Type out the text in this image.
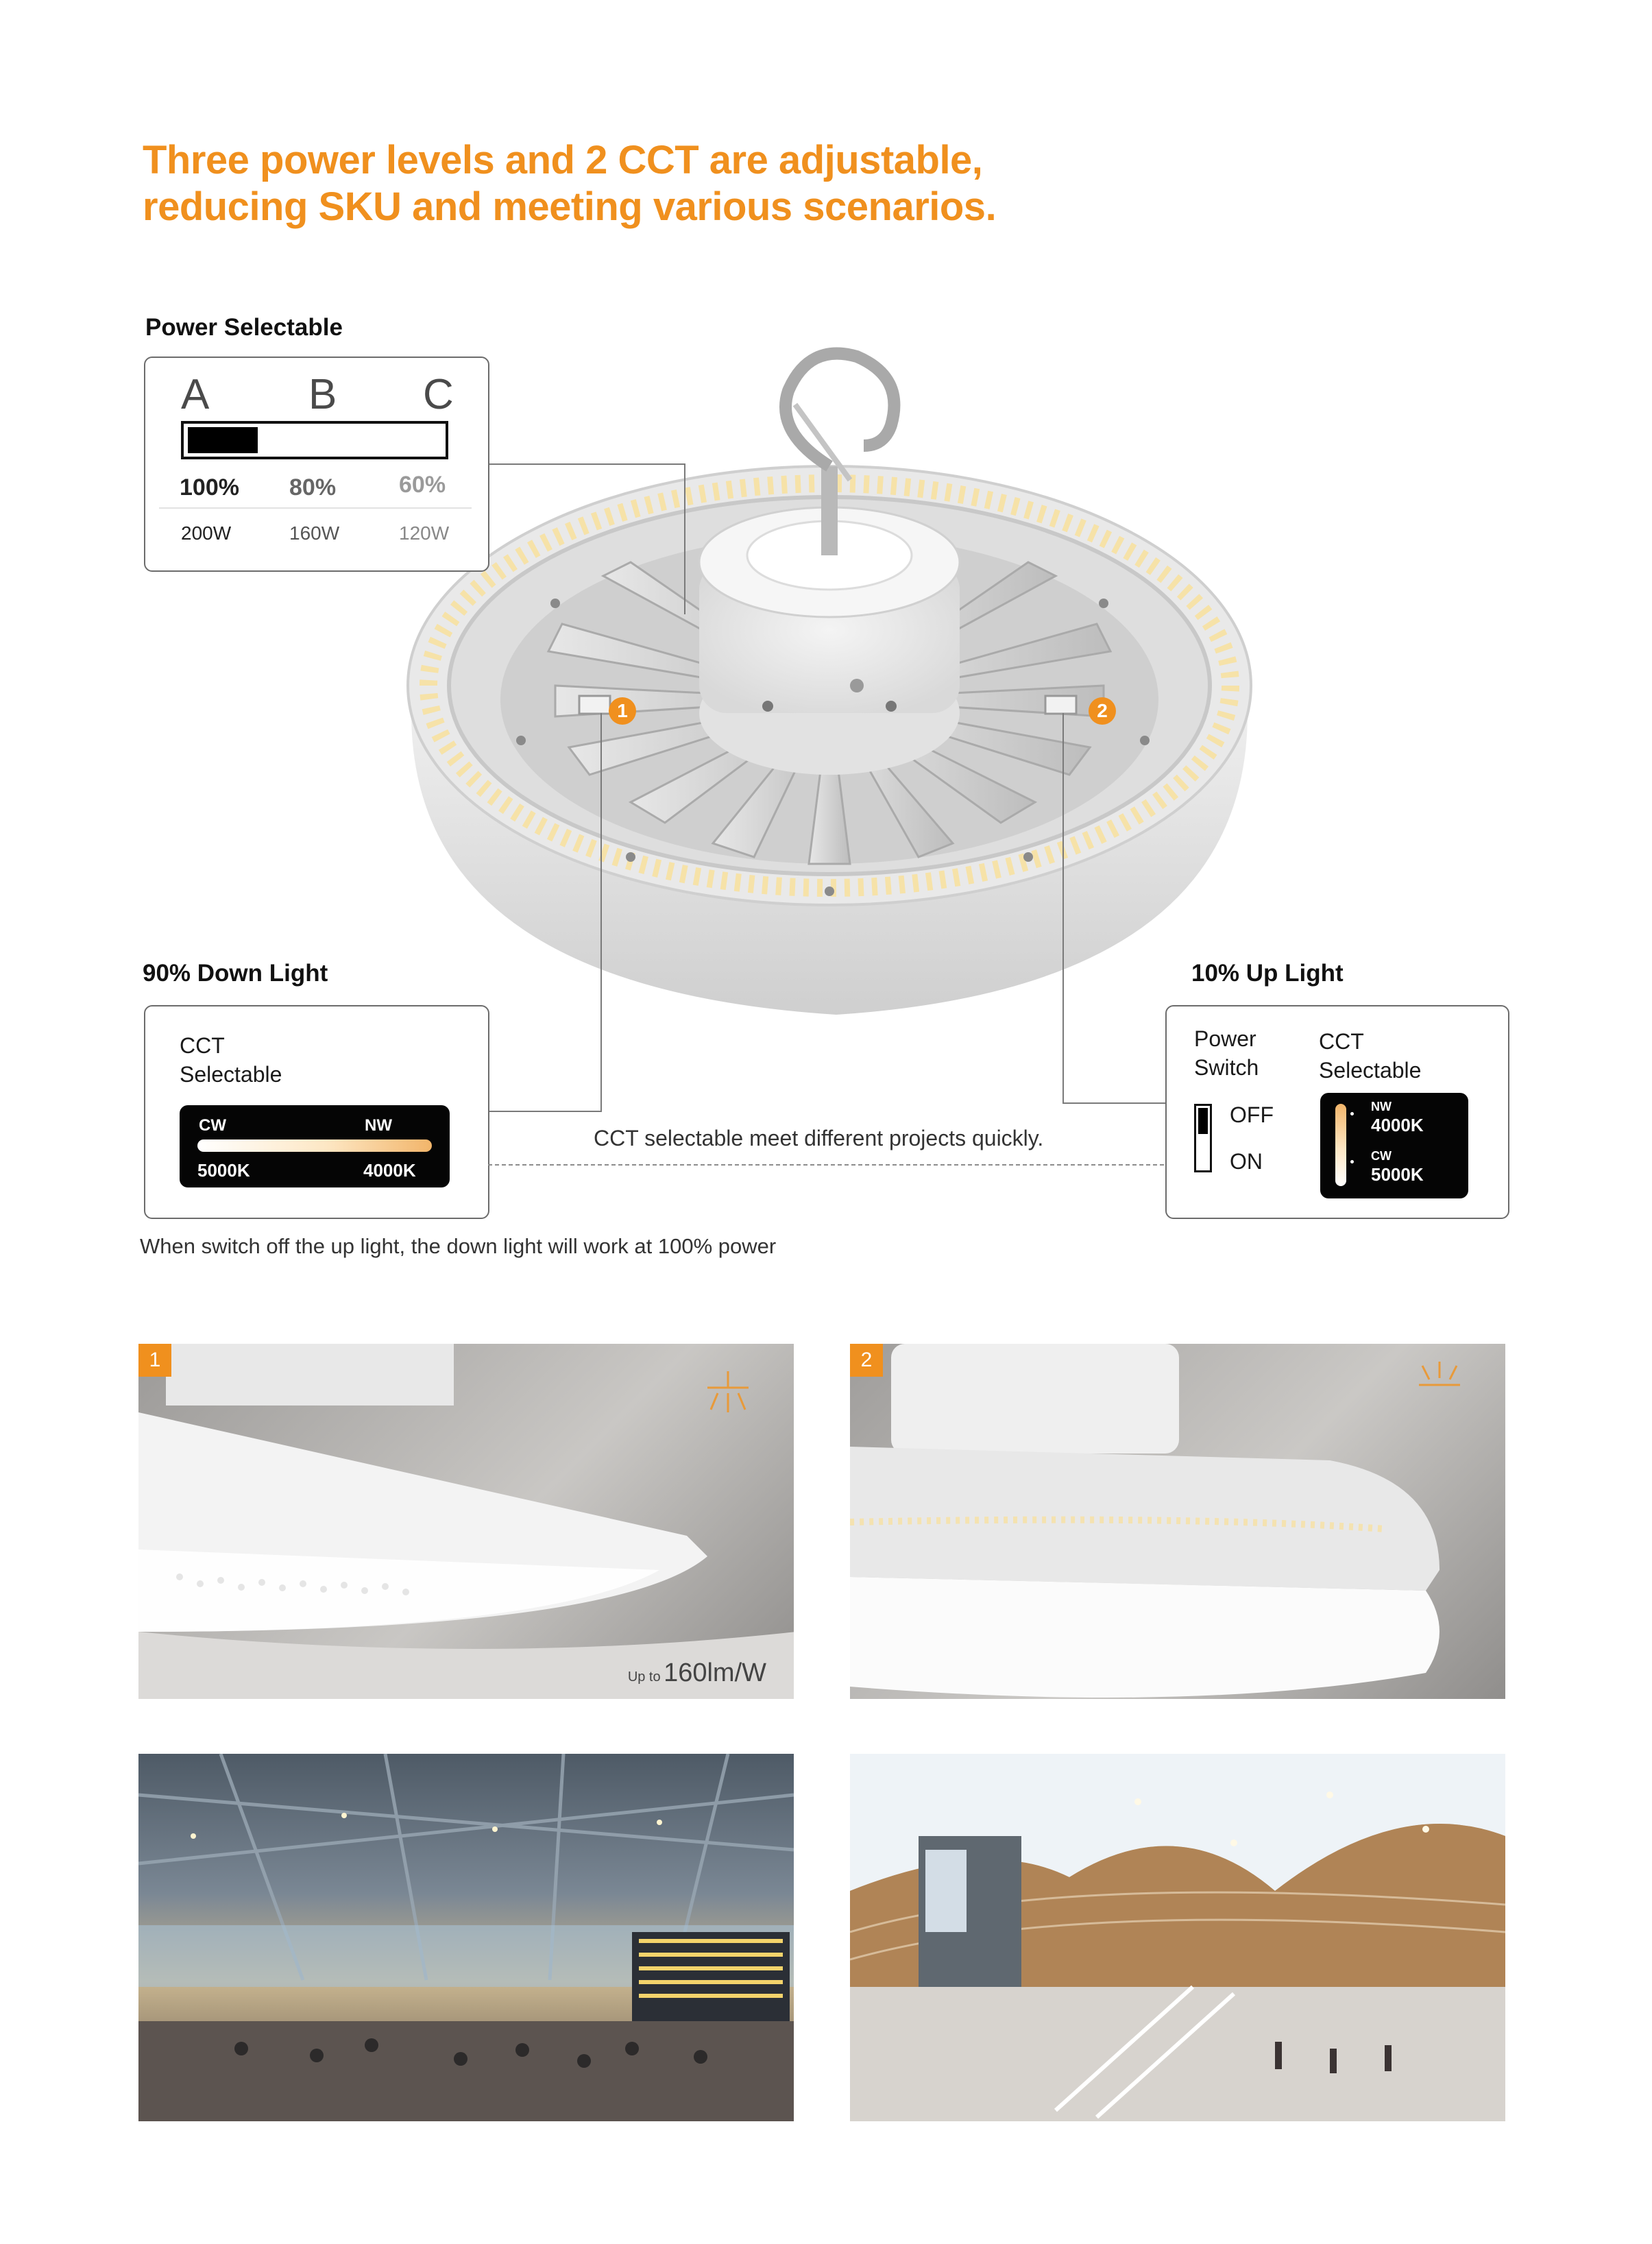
Three power levels and 2 CCT are adjustable,
reducing SKU and meeting various scenarios.
1	2
Power Selectable
A B C
100% 80%	60%
200W	160W	120W
90% Down Light
CCT
Selectable
CW	NW
5000K	4000K
CCT selectable meet different projects quickly.
10% Up Light
Power
Switch
CCT
Selectable
OFF
ON
NW
4000K
CW
5000K
When switch off the up light, the down light will work at 100% power
1
Up to 160lm/W
2
